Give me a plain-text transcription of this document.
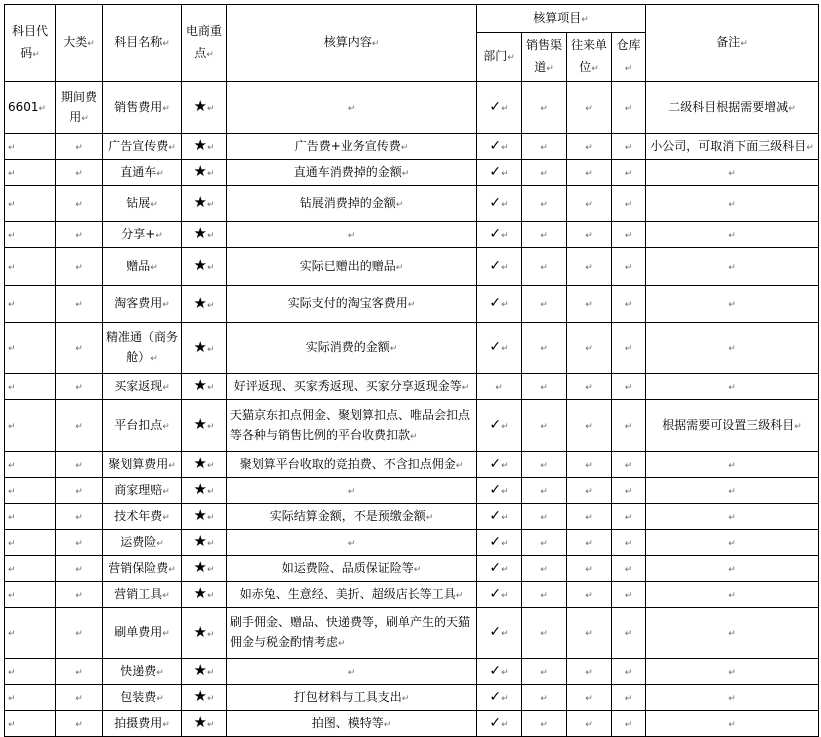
科目代码↵	大类↵	科目名称↵	电商重点↵	核算内容↵	核算项目↵				备注↵
					部门↵	销售渠道↵	往来单位↵	仓库↵	
6601↵	期间费用↵	销售费用↵	★↵	↵	✓↵	↵	↵	↵	二级科目根据需要增减↵
↵	↵	广告宣传费↵	★↵	广告费+业务宣传费↵	✓↵	↵	↵	↵	小公司，可取消下面三级科目↵
↵	↵	直通车↵	★↵	直通车消费掉的金额↵	✓↵	↵	↵	↵	↵
↵	↵	钻展↵	★↵	钻展消费掉的金额↵	✓↵	↵	↵	↵	↵
↵	↵	分享+↵	★↵	↵	✓↵	↵	↵	↵	↵
↵	↵	赠品↵	★↵	实际已赠出的赠品↵	✓↵	↵	↵	↵	↵
↵	↵	淘客费用↵	★↵	实际支付的淘宝客费用↵	✓↵	↵	↵	↵	↵
↵	↵	精准通（商务舱）↵	★↵	实际消费的金额↵	✓↵	↵	↵	↵	↵
↵	↵	买家返现↵	★↵	好评返现、买家秀返现、买家分享返现金等↵	↵	↵	↵	↵	↵
↵	↵	平台扣点↵	★↵	天猫京东扣点佣金、聚划算扣点、唯品会扣点等各种与销售比例的平台收费扣款↵	✓↵	↵	↵	↵	根据需要可设置三级科目↵
↵	↵	聚划算费用↵	★↵	聚划算平台收取的竞拍费、不含扣点佣金↵	✓↵	↵	↵	↵	↵
↵	↵	商家理赔↵	★↵	↵	✓↵	↵	↵	↵	↵
↵	↵	技术年费↵	★↵	实际结算金额，不是预缴金额↵	✓↵	↵	↵	↵	↵
↵	↵	运费险↵	★↵	↵	✓↵	↵	↵	↵	↵
↵	↵	营销保险费↵	★↵	如运费险、品质保证险等↵	✓↵	↵	↵	↵	↵
↵	↵	营销工具↵	★↵	如赤兔、生意经、美折、超级店长等工具↵	✓↵	↵	↵	↵	↵
↵	↵	刷单费用↵	★↵	刷手佣金、赠品、快递费等，刷单产生的天猫佣金与税金酌情考虑↵	✓↵	↵	↵	↵	↵
↵	↵	快递费↵	★↵	↵	✓↵	↵	↵	↵	↵
↵	↵	包装费↵	★↵	打包材料与工具支出↵	✓↵	↵	↵	↵	↵
↵	↵	拍摄费用↵	★↵	拍图、模特等↵	✓↵	↵	↵	↵	↵
